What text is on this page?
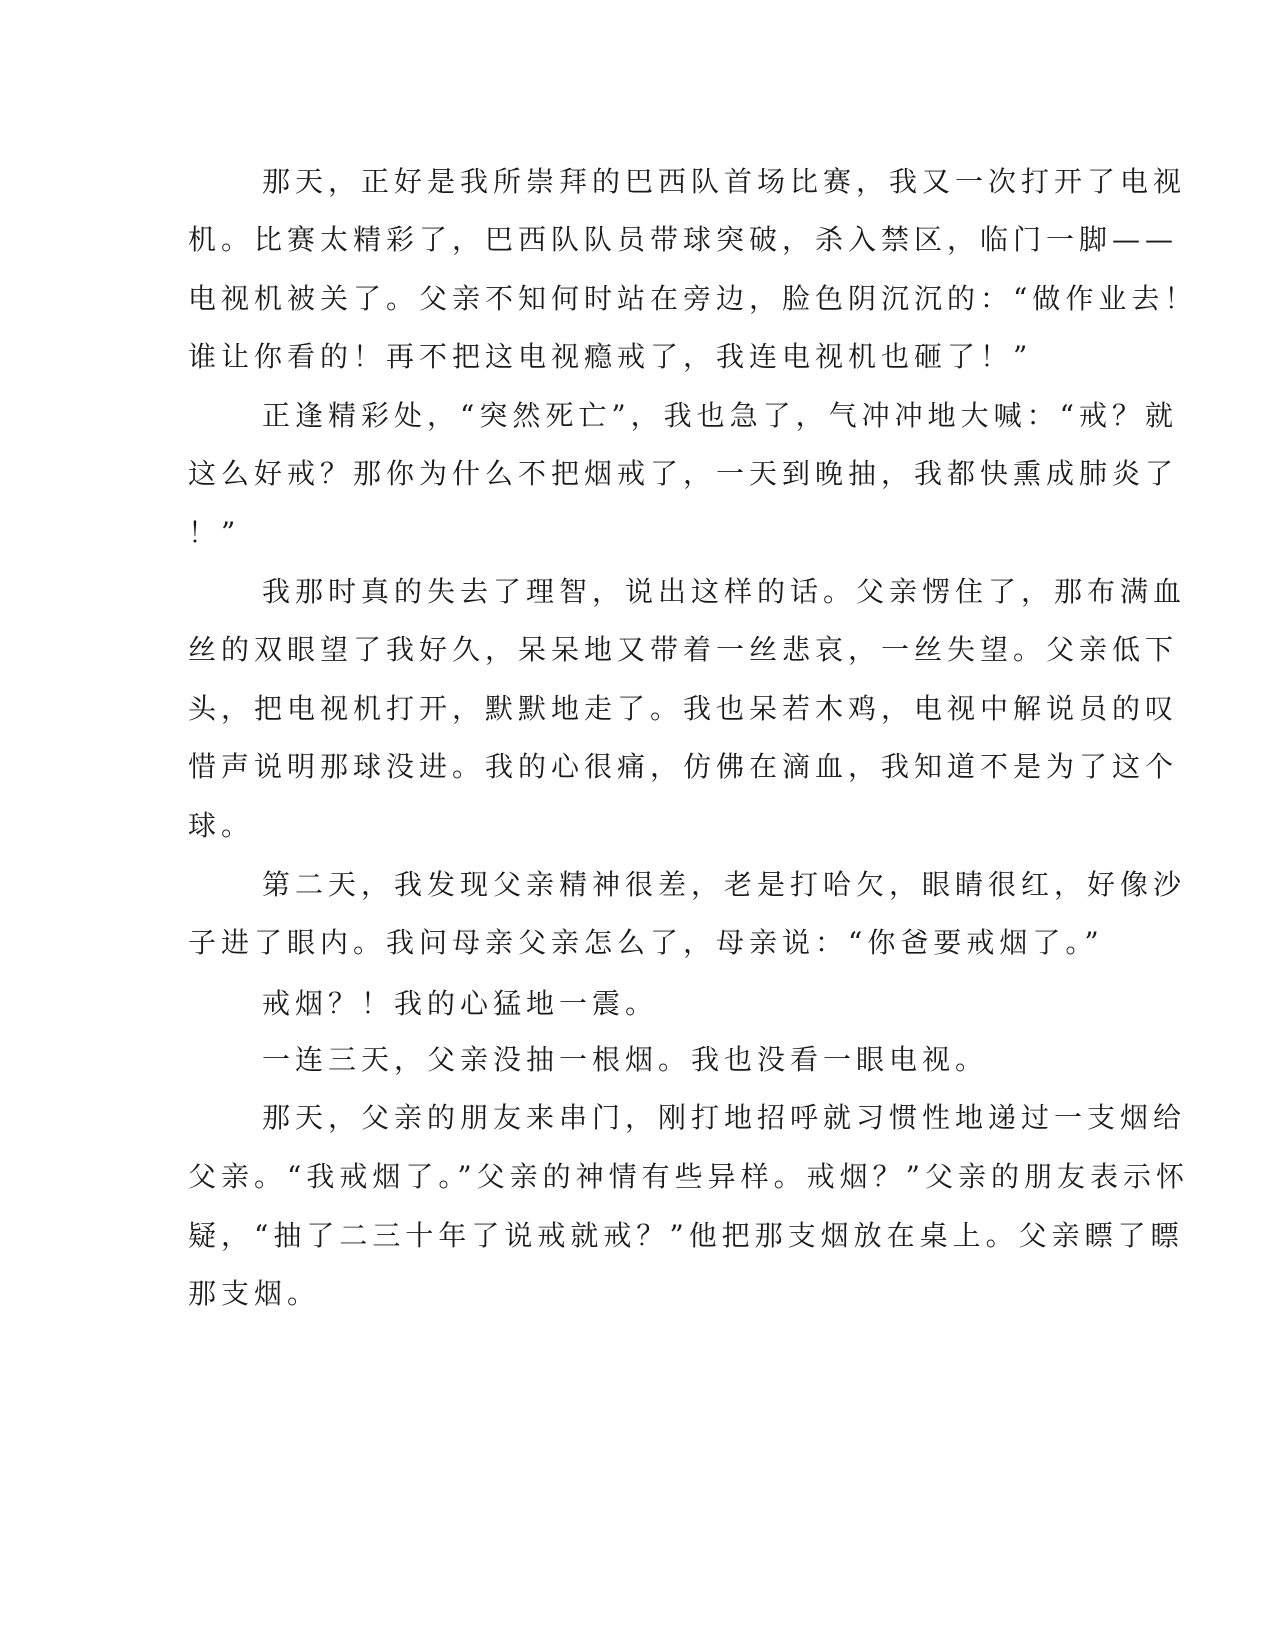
那天，正好是我所崇拜的巴西队首场比赛，我又一次打开了电视
机。比赛太精彩了，巴西队队员带球突破，杀入禁区，临门一脚——
电视机被关了。父亲不知何时站在旁边，脸色阴沉沉的：“做作业去！
谁让你看的！再不把这电视瘾戒了，我连电视机也砸了！”
正逢精彩处，“突然死亡”，我也急了，气冲冲地大喊：“戒？就
这么好戒？那你为什么不把烟戒了，一天到晚抽，我都快熏成肺炎了
！”
我那时真的失去了理智，说出这样的话。父亲愣住了，那布满血
丝的双眼望了我好久，呆呆地又带着一丝悲哀，一丝失望。父亲低下
头，把电视机打开，默默地走了。我也呆若木鸡，电视中解说员的叹
惜声说明那球没进。我的心很痛，仿佛在滴血，我知道不是为了这个
球。
第二天，我发现父亲精神很差，老是打哈欠，眼睛很红，好像沙
子进了眼内。我问母亲父亲怎么了，母亲说：“你爸要戒烟了。”
戒烟？！我的心猛地一震。
一连三天，父亲没抽一根烟。我也没看一眼电视。
那天，父亲的朋友来串门，刚打地招呼就习惯性地递过一支烟给
父亲。“我戒烟了。”父亲的神情有些异样。戒烟？”父亲的朋友表示怀
疑，“抽了二三十年了说戒就戒？”他把那支烟放在桌上。父亲瞟了瞟
那支烟。
